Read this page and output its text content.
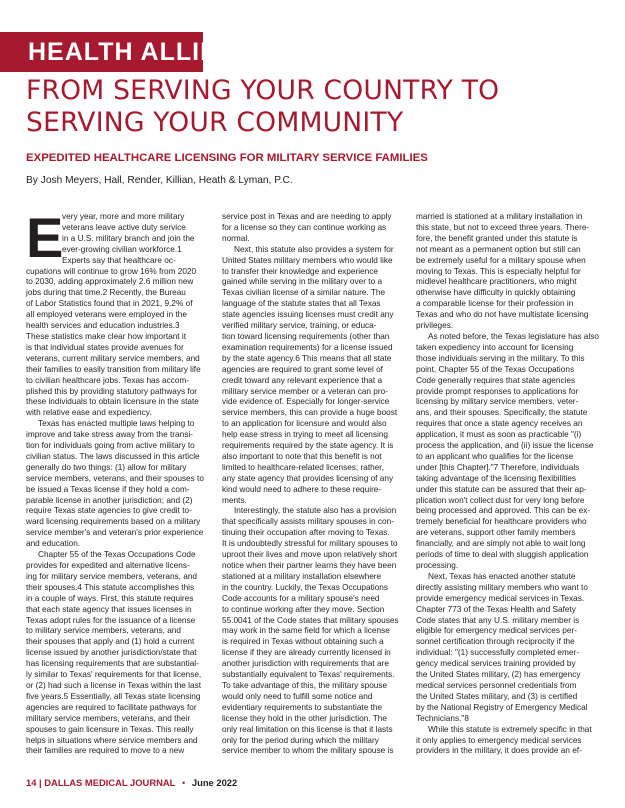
HEALTH ALLIES
FROM SERVING YOUR COUNTRY TO
SERVING YOUR COMMUNITY
EXPEDITED HEALTHCARE LICENSING FOR MILITARY SERVICE FAMILIES
By Josh Meyers, Hall, Render, Killian, Heath & Lyman, P.C.
E
very year, more and more military
veterans leave active duty service
in a U.S. military branch and join the
ever-growing civilian workforce.1
Experts say that healthcare oc-
cupations will continue to grow 16% from 2020
to 2030, adding approximately 2.6 million new
jobs during that time.2 Recently, the Bureau
of Labor Statistics found that in 2021, 9.2% of
all employed veterans were employed in the
health services and education industries.3
These statistics make clear how important it
is that individual states provide avenues for
veterans, current military service members, and
their families to easily transition from military life
to civilian healthcare jobs. Texas has accom-
plished this by providing statutory pathways for
these individuals to obtain licensure in the state
with relative ease and expediency.
Texas has enacted multiple laws helping to
improve and take stress away from the transi-
tion for individuals going from active military to
civilian status. The laws discussed in this article
generally do two things: (1) allow for military
service members, veterans, and their spouses to
be issued a Texas license if they hold a com-
parable license in another jurisdiction; and (2)
require Texas state agencies to give credit to-
ward licensing requirements based on a military
service member's and veteran's prior experience
and education.
Chapter 55 of the Texas Occupations Code
provides for expedited and alternative licens-
ing for military service members, veterans, and
their spouses.4 This statute accomplishes this
in a couple of ways. First, this statute requires
that each state agency that issues licenses in
Texas adopt rules for the issuance of a license
to military service members, veterans, and
their spouses that apply and (1) hold a current
license issued by another jurisdiction/state that
has licensing requirements that are substantial-
ly similar to Texas' requirements for that license,
or (2) had such a license in Texas within the last
five years.5 Essentially, all Texas state licensing
agencies are required to facilitate pathways for
military service members, veterans, and their
spouses to gain licensure in Texas. This really
helps in situations where service members and
their families are required to move to a new
service post in Texas and are needing to apply
for a license so they can continue working as
normal.
Next, this statute also provides a system for
United States military members who would like
to transfer their knowledge and experience
gained while serving in the military over to a
Texas civilian license of a similar nature. The
language of the statute states that all Texas
state agencies issuing licenses must credit any
verified military service, training, or educa-
tion toward licensing requirements (other than
examination requirements) for a license issued
by the state agency.6 This means that all state
agencies are required to grant some level of
credit toward any relevant experience that a
military service member or a veteran can pro-
vide evidence of. Especially for longer-service
service members, this can provide a huge boost
to an application for licensure and would also
help ease stress in trying to meet all licensing
requirements required by the state agency. It is
also important to note that this benefit is not
limited to healthcare-related licenses; rather,
any state agency that provides licensing of any
kind would need to adhere to these require-
ments.
Interestingly, the statute also has a provision
that specifically assists military spouses in con-
tinuing their occupation after moving to Texas.
It is undoubtedly stressful for military spouses to
uproot their lives and move upon relatively short
notice when their partner learns they have been
stationed at a military installation elsewhere
in the country. Luckily, the Texas Occupations
Code accounts for a military spouse's need
to continue working after they move. Section
55.0041 of the Code states that military spouses
may work in the same field for which a license
is required in Texas without obtaining such a
license if they are already currently licensed in
another jurisdiction with requirements that are
substantially equivalent to Texas' requirements.
To take advantage of this, the military spouse
would only need to fulfill some notice and
evidentiary requirements to substantiate the
license they hold in the other jurisdiction. The
only real limitation on this license is that it lasts
only for the period during which the military
service member to whom the military spouse is
married is stationed at a military installation in
this state, but not to exceed three years. There-
fore, the benefit granted under this statute is
not meant as a permanent option but still can
be extremely useful for a military spouse when
moving to Texas. This is especially helpful for
midlevel healthcare practitioners, who might
otherwise have difficulty in quickly obtaining
a comparable license for their profession in
Texas and who do not have multistate licensing
privileges.
As noted before, the Texas legislature has also
taken expediency into account for licensing
those individuals serving in the military. To this
point, Chapter 55 of the Texas Occupations
Code generally requires that state agencies
provide prompt responses to applications for
licensing by military service members, veter-
ans, and their spouses. Specifically, the statute
requires that once a state agency receives an
application, it must as soon as practicable "(i)
process the application, and (ii) issue the license
to an applicant who qualifies for the license
under [this Chapter]."7 Therefore, individuals
taking advantage of the licensing flexibilities
under this statute can be assured that their ap-
plication won't collect dust for very long before
being processed and approved. This can be ex-
tremely beneficial for healthcare providers who
are veterans, support other family members
financially, and are simply not able to wait long
periods of time to deal with sluggish application
processing.
Next, Texas has enacted another statute
directly assisting military members who want to
provide emergency medical services in Texas.
Chapter 773 of the Texas Health and Safety
Code states that any U.S. military member is
eligible for emergency medical services per-
sonnel certification through reciprocity if the
individual: "(1) successfully completed emer-
gency medical services training provided by
the United States military, (2) has emergency
medical services personnel credentials from
the United States military, and (3) is certified
by the National Registry of Emergency Medical
Technicians."8
While this statute is extremely specific in that
it only applies to emergency medical services
providers in the military, it does provide an ef-
14 | DALLAS MEDICAL JOURNAL • June 2022
